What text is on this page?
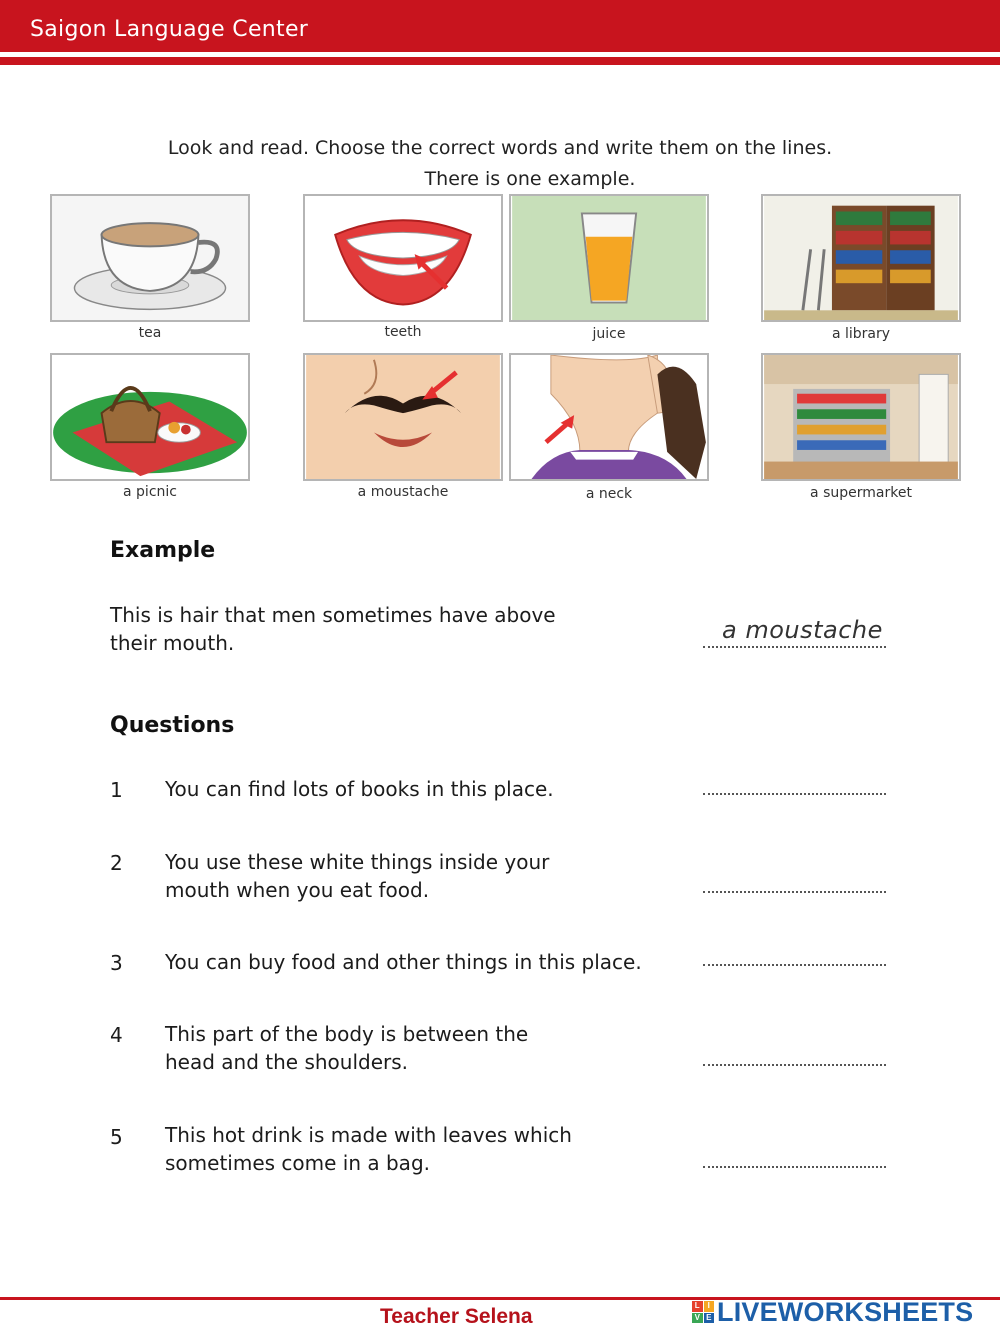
Saigon Language Center
Look and read. Choose the correct words and write them on the lines.

There is one example.
tea	teeth	juice	a library
a picnic	a moustache	a neck	a supermarket
Example
This is hair that men sometimes have above
their mouth.	a moustache
Questions
1 You can find lots of books in this place.
2 You use these white things inside your
mouth when you eat food.
3 You can buy food and other things in this place.
4 This part of the body is between the
head and the shoulders.
5 This hot drink is made with leaves which
sometimes come in a bag.
Teacher Selena	L I
V E LIVEWORKSHEETS
